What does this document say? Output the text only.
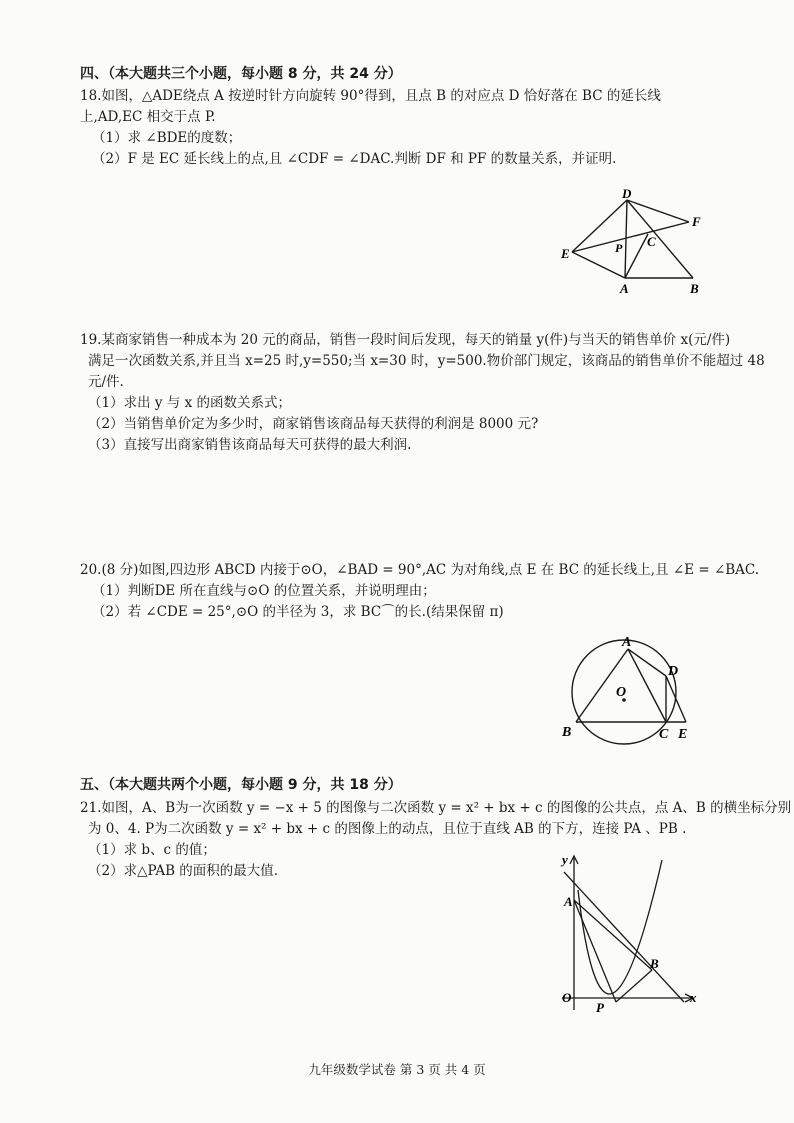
四、（本大题共三个小题，每小题 8 分，共 24 分）
18.如图，△ADE绕点 A 按逆时针方向旋转 90°得到，且点 B 的对应点 D 恰好落在 BC 的延长线
上,AD,EC 相交于点 P.
（1）求 ∠BDE的度数；
（2）F 是 EC 延长线上的点,且 ∠CDF = ∠DAC.判断 DF 和 PF 的数量关系，并证明.
D
F
E	P C
A	B
19.某商家销售一种成本为 20 元的商品，销售一段时间后发现，每天的销量 y(件)与当天的销售单价 x(元/件)
满足一次函数关系,并且当 x=25 时,y=550;当 x=30 时，y=500.物价部门规定，该商品的销售单价不能超过 48
元/件.
（1）求出 y 与 x 的函数关系式；
（2）当销售单价定为多少时，商家销售该商品每天获得的利润是 8000 元?
（3）直接写出商家销售该商品每天可获得的最大利润.
20.(8 分)如图,四边形 ABCD 内接于⊙O，∠BAD = 90°,AC 为对角线,点 E 在 BC 的延长线上,且 ∠E = ∠BAC.
（1）判断DE 所在直线与⊙O 的位置关系，并说明理由；
（2）若 ∠CDE = 25°,⊙O 的半径为 3，求 BC⌒的长.(结果保留 π)
A
D
O
B	C E
五、（本大题共两个小题，每小题 9 分，共 18 分）
21.如图，A、B为一次函数 y = −x + 5 的图像与二次函数 y = x² + bx + c 的图像的公共点，点 A、B 的横坐标分别
为 0、4. P为二次函数 y = x² + bx + c 的图像上的动点，且位于直线 AB 的下方，连接 PA 、PB .
（1）求 b、c 的值；
（2）求△PAB 的面积的最大值.
y
A
B
O
P
x
九年级数学试卷 第 3 页 共 4 页
